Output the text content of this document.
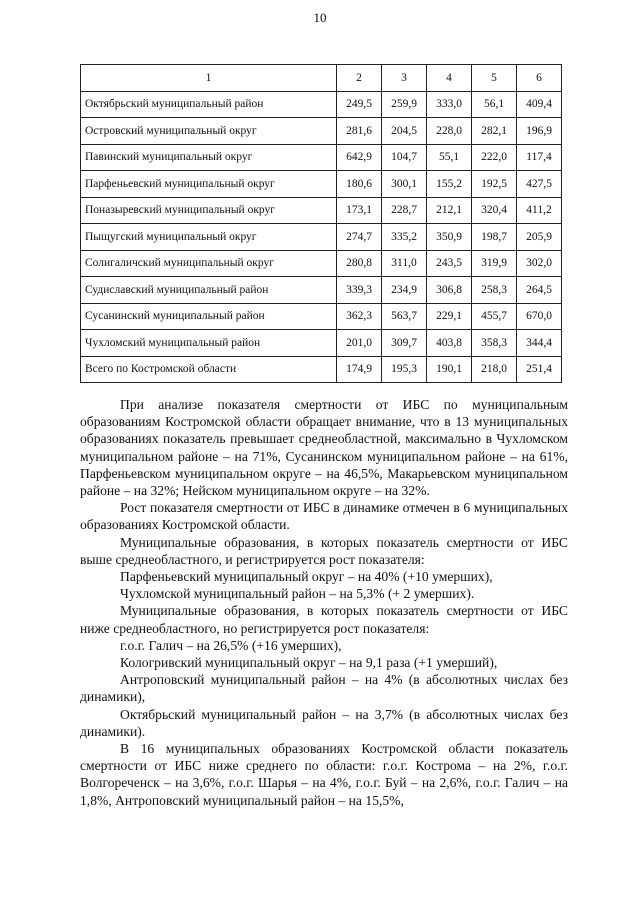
10
1	2	3	4	5	6
Октябрьский муниципальный район	249,5	259,9	333,0	56,1	409,4
Островский муниципальный округ	281,6	204,5	228,0	282,1	196,9
Павинский муниципальный округ	642,9	104,7	55,1	222,0	117,4
Парфеньевский муниципальный округ	180,6	300,1	155,2	192,5	427,5
Поназыревский муниципальный округ	173,1	228,7	212,1	320,4	411,2
Пыщугский муниципальный округ	274,7	335,2	350,9	198,7	205,9
Солигаличский муниципальный округ	280,8	311,0	243,5	319,9	302,0
Судиславский муниципальный район	339,3	234,9	306,8	258,3	264,5
Сусанинский муниципальный район	362,3	563,7	229,1	455,7	670,0
Чухломский муниципальный район	201,0	309,7	403,8	358,3	344,4
Всего по Костромской области	174,9	195,3	190,1	218,0	251,4

При анализе показателя смертности от ИБС по муниципальным образованиям Костромской области обращает внимание, что в 13 муниципальных образованиях показатель превышает среднеобластной, максимально в Чухломском муниципальном районе – на 71%, Сусанинском муниципальном районе – на 61%, Парфеньевском муниципальном округе – на 46,5%, Макарьевском муниципальном районе – на 32%; Нейском муниципальном округе – на 32%.

Рост показателя смертности от ИБС в динамике отмечен в 6 муниципальных образованиях Костромской области.

Муниципальные образования, в которых показатель смертности от ИБС выше среднеобластного, и регистрируется рост показателя:

Парфеньевский муниципальный округ – на 40% (+10 умерших),

Чухломской муниципальный район – на 5,3% (+ 2 умерших).

Муниципальные образования, в которых показатель смертности от ИБС ниже среднеобластного, но регистрируется рост показателя:

г.о.г. Галич – на 26,5% (+16 умерших),

Кологривский муниципальный округ – на 9,1 раза (+1 умерший),

Антроповский муниципальный район – на 4% (в абсолютных числах без динамики),

Октябрьский муниципальный район – на 3,7% (в абсолютных числах без динамики).

В 16 муниципальных образованиях Костромской области показатель смертности от ИБС ниже среднего по области: г.о.г. Кострома – на 2%, г.о.г. Волгореченск – на 3,6%, г.о.г. Шарья – на 4%, г.о.г. Буй – на 2,6%, г.о.г. Галич – на 1,8%, Антроповский муниципальный район – на 15,5%,
